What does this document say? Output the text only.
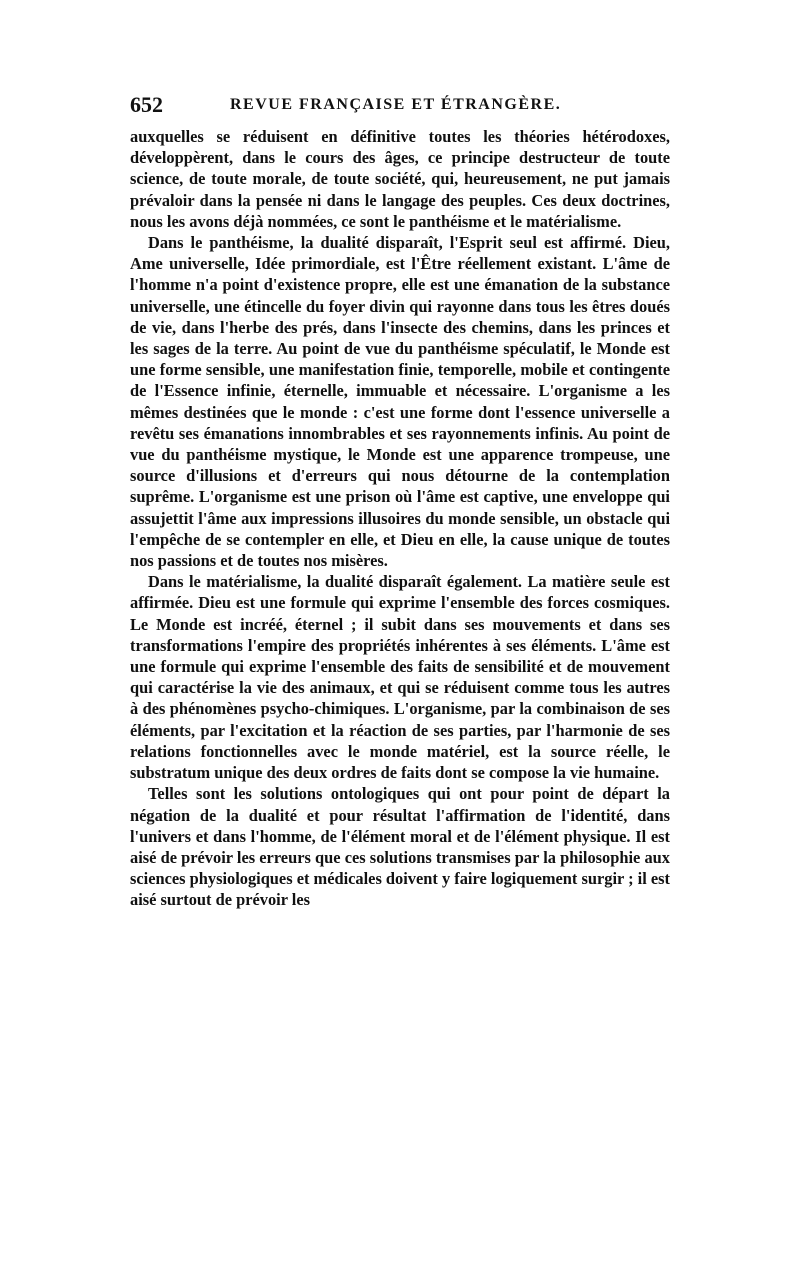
652	REVUE FRANÇAISE ET ÉTRANGÈRE.

auxquelles se réduisent en définitive toutes les théories hétérodoxes, développèrent, dans le cours des âges, ce principe destructeur de toute science, de toute morale, de toute société, qui, heureusement, ne put jamais prévaloir dans la pensée ni dans le langage des peuples. Ces deux doctrines, nous les avons déjà nommées, ce sont le panthéisme et le matérialisme.

Dans le panthéisme, la dualité disparaît, l'Esprit seul est affirmé. Dieu, Ame universelle, Idée primordiale, est l'Être réellement existant. L'âme de l'homme n'a point d'existence propre, elle est une émanation de la substance universelle, une étincelle du foyer divin qui rayonne dans tous les êtres doués de vie, dans l'herbe des prés, dans l'insecte des chemins, dans les princes et les sages de la terre. Au point de vue du panthéisme spéculatif, le Monde est une forme sensible, une manifestation finie, temporelle, mobile et contingente de l'Essence infinie, éternelle, immuable et nécessaire. L'organisme a les mêmes destinées que le monde : c'est une forme dont l'essence universelle a revêtu ses émanations innombrables et ses rayonnements infinis. Au point de vue du panthéisme mystique, le Monde est une apparence trompeuse, une source d'illusions et d'erreurs qui nous détourne de la contemplation suprême. L'organisme est une prison où l'âme est captive, une enveloppe qui assujettit l'âme aux impressions illusoires du monde sensible, un obstacle qui l'empêche de se contempler en elle, et Dieu en elle, la cause unique de toutes nos passions et de toutes nos misères.

Dans le matérialisme, la dualité disparaît également. La matière seule est affirmée. Dieu est une formule qui exprime l'ensemble des forces cosmiques. Le Monde est incréé, éternel ; il subit dans ses mouvements et dans ses transformations l'empire des propriétés inhérentes à ses éléments. L'âme est une formule qui exprime l'ensemble des faits de sensibilité et de mouvement qui caractérise la vie des animaux, et qui se réduisent comme tous les autres à des phénomènes psycho-chimiques. L'organisme, par la combinaison de ses éléments, par l'excitation et la réaction de ses parties, par l'harmonie de ses relations fonctionnelles avec le monde matériel, est la source réelle, le substratum unique des deux ordres de faits dont se compose la vie humaine.

Telles sont les solutions ontologiques qui ont pour point de départ la négation de la dualité et pour résultat l'affirmation de l'identité, dans l'univers et dans l'homme, de l'élément moral et de l'élément physique. Il est aisé de prévoir les erreurs que ces solutions transmises par la philosophie aux sciences physiologiques et médicales doivent y faire logiquement surgir ; il est aisé surtout de prévoir les
